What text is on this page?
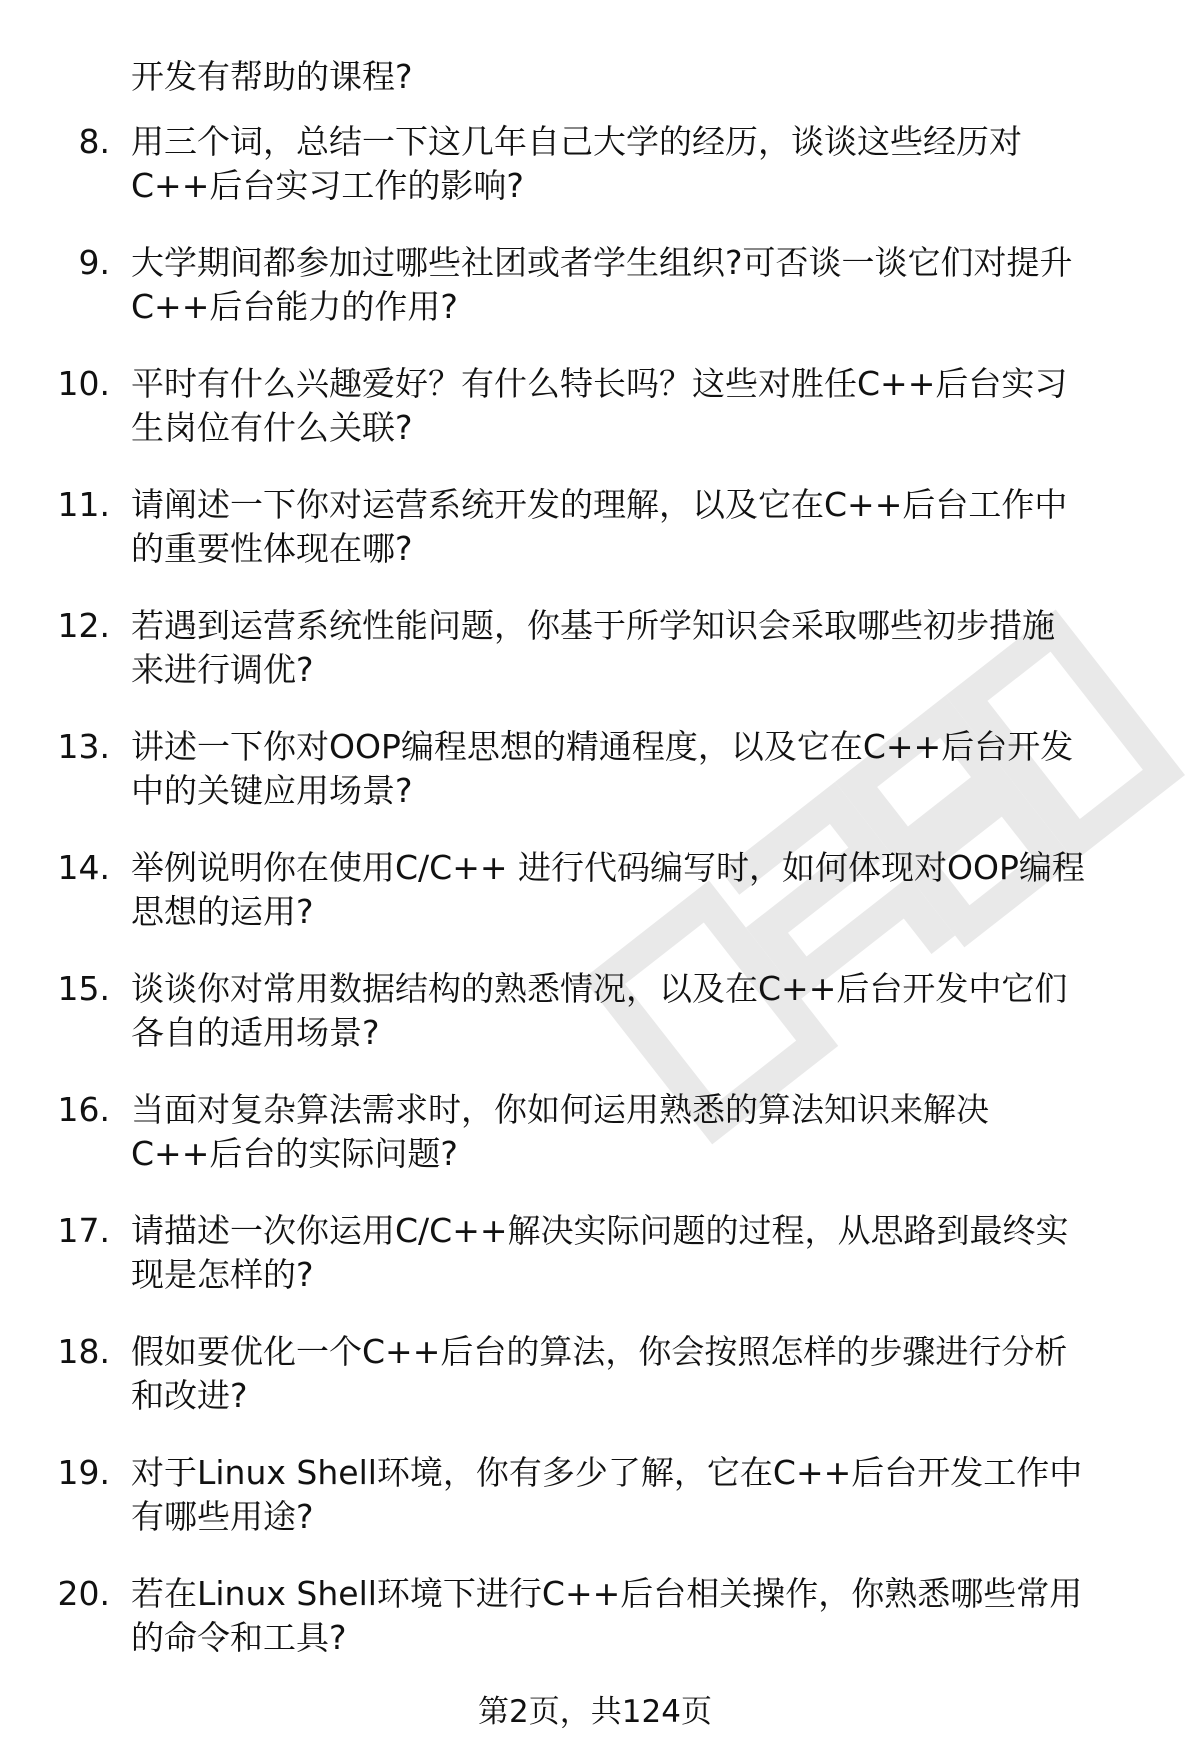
开发有帮助的课程?
8. 用三个词，总结一下这几年自己大学的经历，谈谈这些经历对
C++后台实习工作的影响?
9. 大学期间都参加过哪些社团或者学生组织?可否谈一谈它们对提升
C++后台能力的作用?
10. 平时有什么兴趣爱好？有什么特长吗？这些对胜任C++后台实习
生岗位有什么关联?
11. 请阐述一下你对运营系统开发的理解，以及它在C++后台工作中
的重要性体现在哪?
12. 若遇到运营系统性能问题，你基于所学知识会采取哪些初步措施
来进行调优?
13. 讲述一下你对OOP编程思想的精通程度，以及它在C++后台开发
中的关键应用场景?
14. 举例说明你在使用C/C++ 进行代码编写时，如何体现对OOP编程
思想的运用?
15. 谈谈你对常用数据结构的熟悉情况，以及在C++后台开发中它们
各自的适用场景?
16. 当面对复杂算法需求时，你如何运用熟悉的算法知识来解决
C++后台的实际问题?
17. 请描述一次你运用C/C++解决实际问题的过程，从思路到最终实
现是怎样的?
18. 假如要优化一个C++后台的算法，你会按照怎样的步骤进行分析
和改进?
19. 对于Linux Shell环境，你有多少了解，它在C++后台开发工作中
有哪些用途?
20. 若在Linux Shell环境下进行C++后台相关操作，你熟悉哪些常用
的命令和工具?
第2页，共124页
